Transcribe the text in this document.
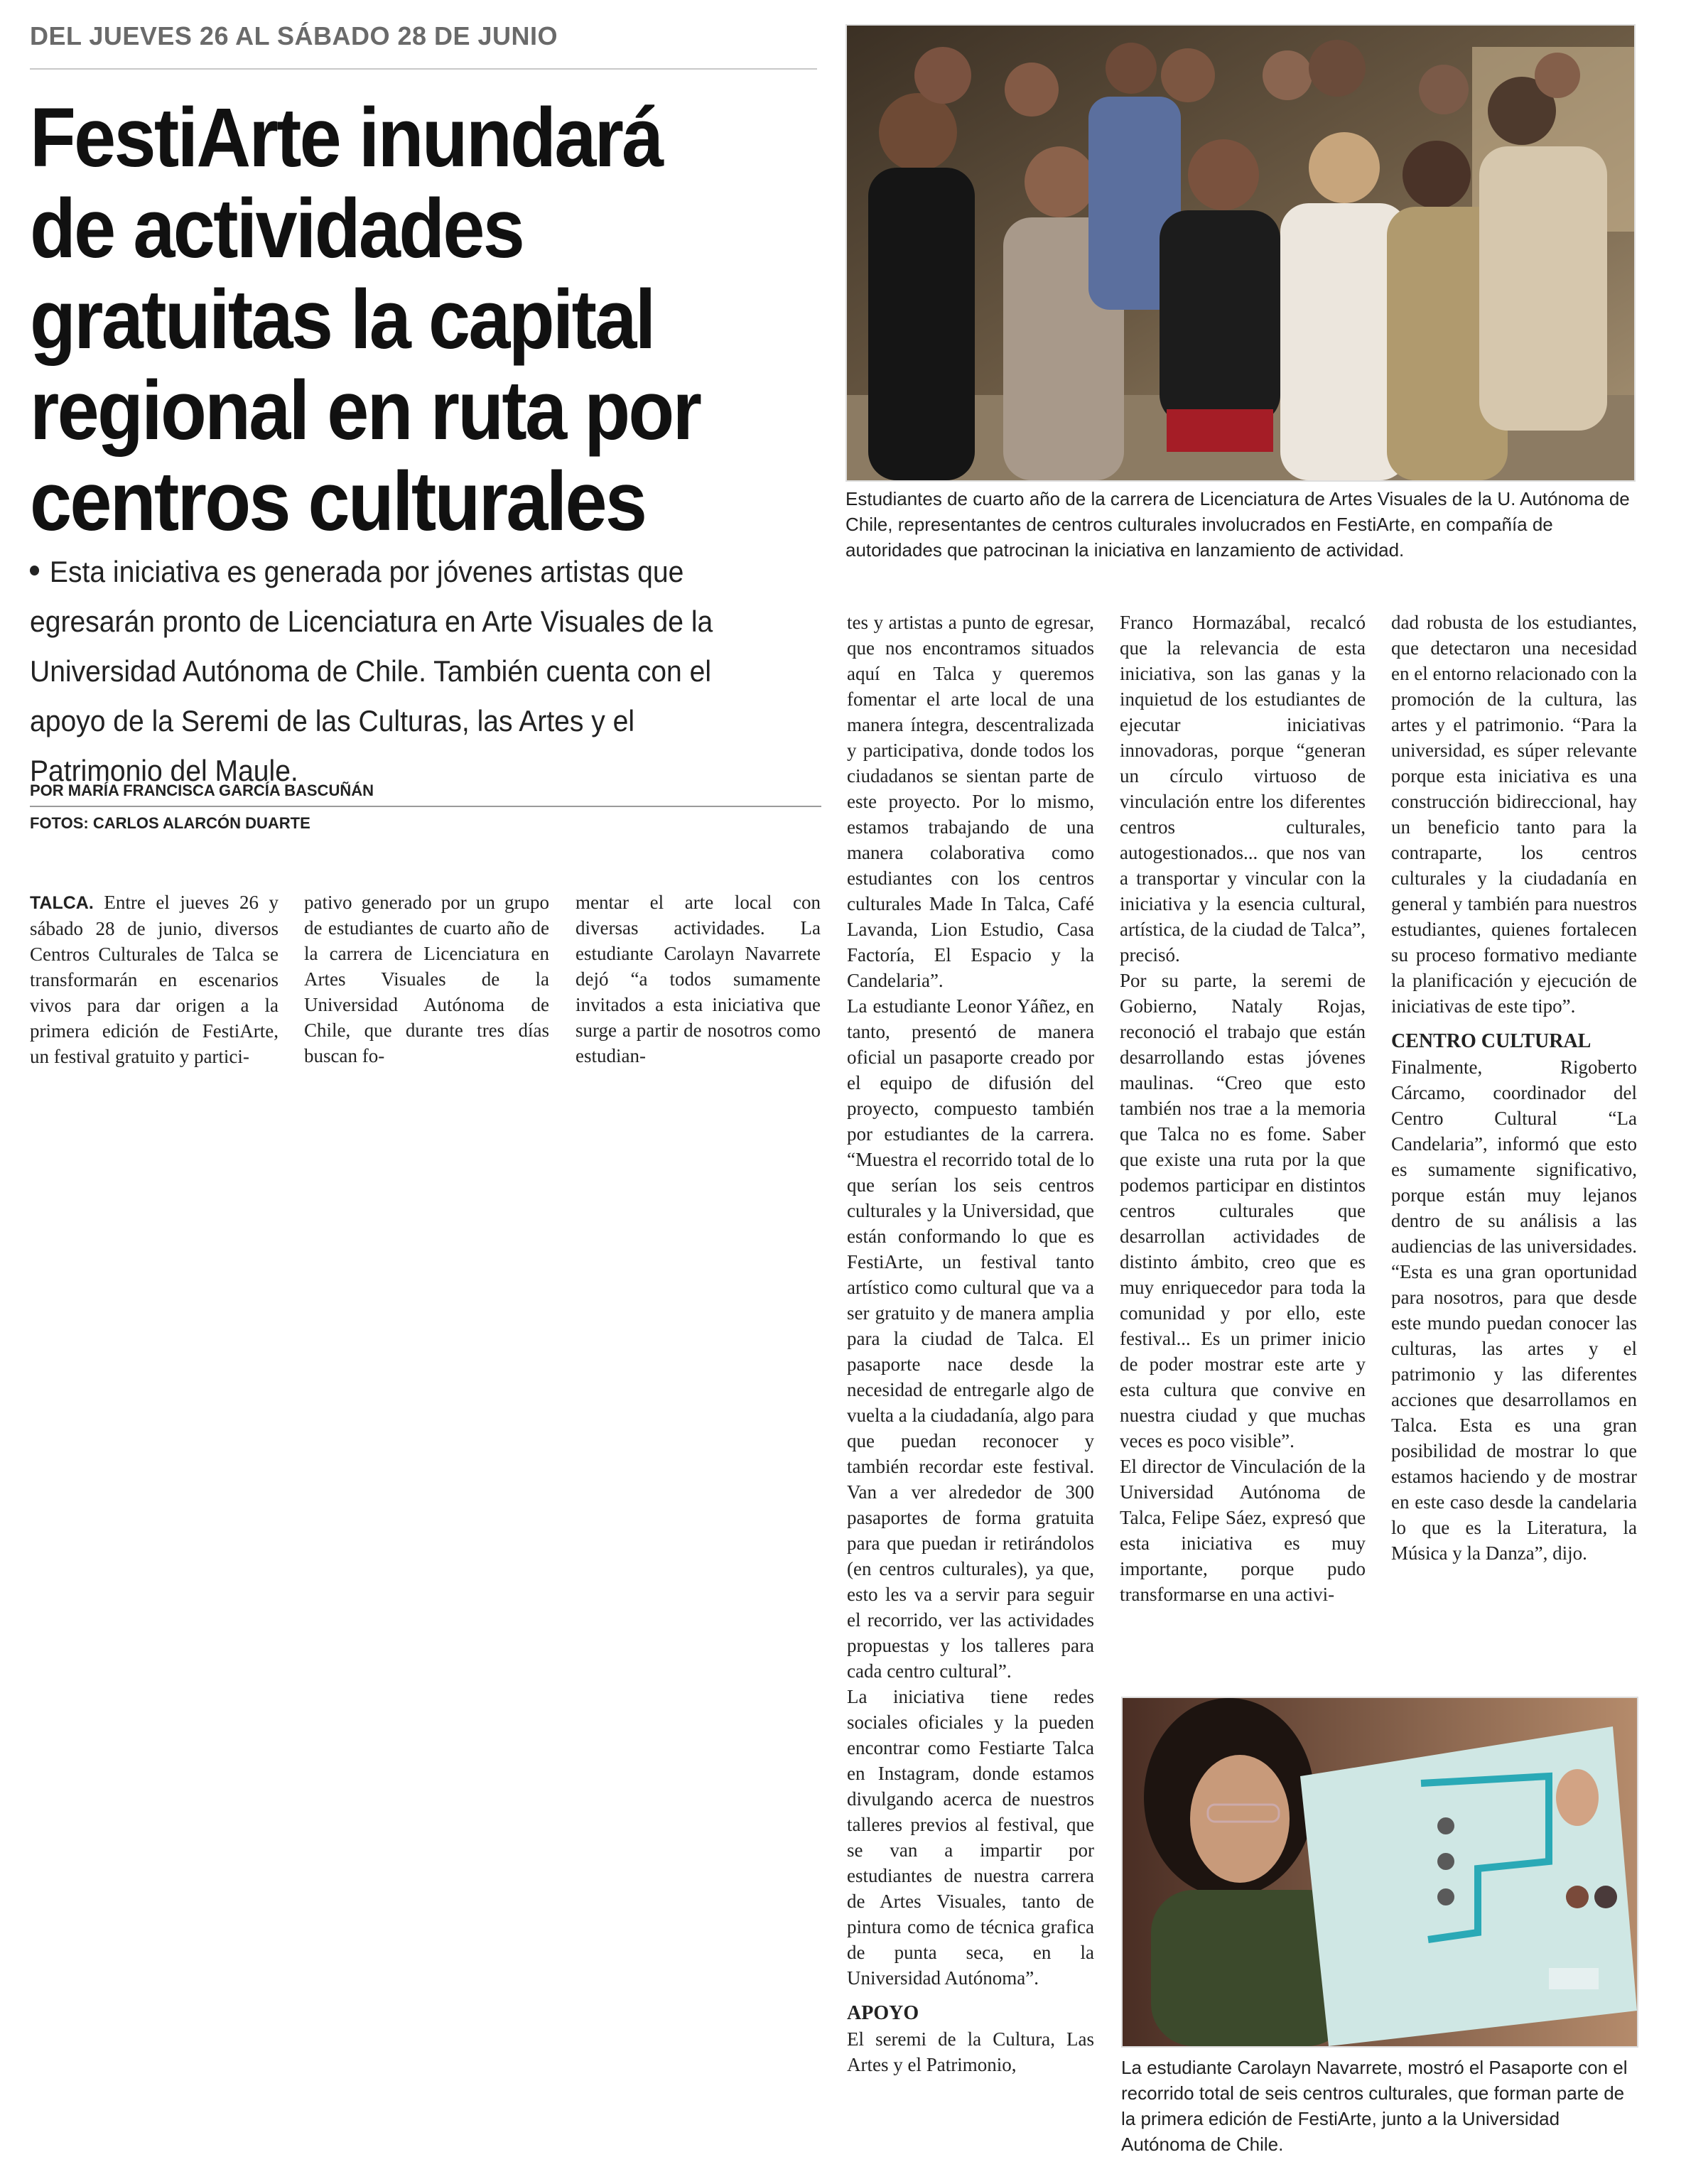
DEL JUEVES 26 AL SÁBADO 28 DE JUNIO
FestiArte inundará de actividades gratuitas la capital regional en ruta por centros culturales
Esta iniciativa es generada por jóvenes artistas que egresarán pronto de Licenciatura en Arte Visuales de la Universidad Autónoma de Chile. También cuenta con el apoyo de la Seremi de las Culturas, las Artes y el Patrimonio del Maule.
POR MARÍA FRANCISCA GARCÍA BASCUÑÁN
FOTOS: CARLOS ALARCÓN DUARTE

Estudiantes de cuarto año de la carrera de Licenciatura de Artes Visuales de la U. Autónoma de Chile, representantes de centros culturales involucrados en FestiArte, en compañía de autoridades que patrocinan la iniciativa en lanzamiento de actividad.

TALCA. Entre el jueves 26 y sábado 28 de junio, diversos Centros Culturales de Talca se transformarán en escenarios vivos para dar origen a la primera edición de FestiArte, un festival gratuito y partici-

pativo generado por un grupo de estudiantes de cuarto año de la carrera de Licenciatura en Artes Visuales de la Universidad Autónoma de Chile, que durante tres días buscan fo-

mentar el arte local con diversas actividades. La estudiante Carolayn Navarrete dejó “a todos sumamente invitados a esta iniciativa que surge a partir de nosotros como estudian-

tes y artistas a punto de egresar, que nos encontramos situados aquí en Talca y queremos fomentar el arte local de una manera íntegra, descentralizada y participativa, donde todos los ciudadanos se sientan parte de este proyecto. Por lo mismo, estamos trabajando de una manera colaborativa como estudiantes con los centros culturales Made In Talca, Café Lavanda, Lion Estudio, Casa Factoría, El Espacio y la Candelaria”.

La estudiante Leonor Yáñez, en tanto, presentó de manera oficial un pasaporte creado por el equipo de difusión del proyecto, compuesto también por estudiantes de la carrera. “Muestra el recorrido total de lo que serían los seis centros culturales y la Universidad, que están conformando lo que es FestiArte, un festival tanto artístico como cultural que va a ser gratuito y de manera amplia para la ciudad de Talca. El pasaporte nace desde la necesidad de entregarle algo de vuelta a la ciudadanía, algo para que puedan reconocer y también recordar este festival. Van a ver alrededor de 300 pasaportes de forma gratuita para que puedan ir retirándolos (en centros culturales), ya que, esto les va a servir para seguir el recorrido, ver las actividades propuestas y los talleres para cada centro cultural”.

La iniciativa tiene redes sociales oficiales y la pueden encontrar como Festiarte Talca en Instagram, donde estamos divulgando acerca de nuestros talleres previos al festival, que se van a impartir por estudiantes de nuestra carrera de Artes Visuales, tanto de pintura como de técnica grafica de punta seca, en la Universidad Autónoma”.

APOYO

El seremi de la Cultura, Las Artes y el Patrimonio,

Franco Hormazábal, recalcó que la relevancia de esta iniciativa, son las ganas y la inquietud de los estudiantes de ejecutar iniciativas innovadoras, porque “generan un círculo virtuoso de vinculación entre los diferentes centros culturales, autogestionados... que nos van a transportar y vincular con la iniciativa y la esencia cultural, artística, de la ciudad de Talca”, precisó.

Por su parte, la seremi de Gobierno, Nataly Rojas, reconoció el trabajo que están desarrollando estas jóvenes maulinas. “Creo que esto también nos trae a la memoria que Talca no es fome. Saber que existe una ruta por la que podemos participar en distintos centros culturales que desarrollan actividades de distinto ámbito, creo que es muy enriquecedor para toda la comunidad y por ello, este festival... Es un primer inicio de poder mostrar este arte y esta cultura que convive en nuestra ciudad y que muchas veces es poco visible”.

El director de Vinculación de la Universidad Autónoma de Talca, Felipe Sáez, expresó que esta iniciativa es muy importante, porque pudo transformarse en una activi-

dad robusta de los estudiantes, que detectaron una necesidad en el entorno relacionado con la promoción de la cultura, las artes y el patrimonio. “Para la universidad, es súper relevante porque esta iniciativa es una construcción bidireccional, hay un beneficio tanto para la contraparte, los centros culturales y la ciudadanía en general y también para nuestros estudiantes, quienes fortalecen su proceso formativo mediante la planificación y ejecución de iniciativas de este tipo”.

CENTRO CULTURAL

Finalmente, Rigoberto Cárcamo, coordinador del Centro Cultural “La Candelaria”, informó que esto es sumamente significativo, porque están muy lejanos dentro de su análisis a las audiencias de las universidades. “Esta es una gran oportunidad para nosotros, para que desde este mundo puedan conocer las culturas, las artes y el patrimonio y las diferentes acciones que desarrollamos en Talca. Esta es una gran posibilidad de mostrar lo que estamos haciendo y de mostrar en este caso desde la candelaria lo que es la Literatura, la Música y la Danza”, dijo.

La estudiante Carolayn Navarrete, mostró el Pasaporte con el recorrido total de seis centros culturales, que forman parte de la primera edición de FestiArte, junto a la Universidad Autónoma de Chile.
